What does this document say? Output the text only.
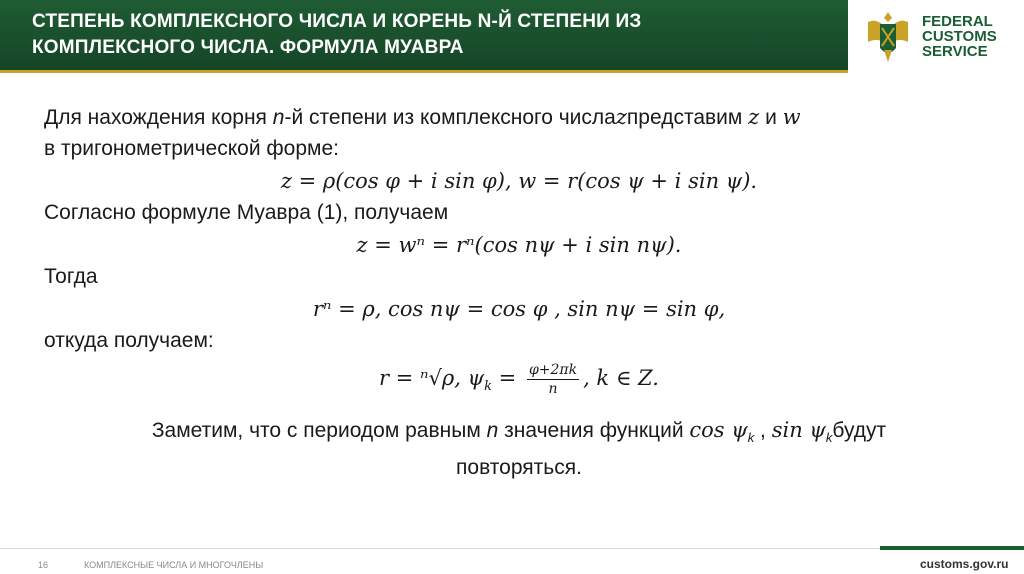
СТЕПЕНЬ КОМПЛЕКСНОГО ЧИСЛА И КОРЕНЬ N-Й СТЕПЕНИ ИЗ
КОМПЛЕКСНОГО ЧИСЛА. ФОРМУЛА МУАВРА
FEDERAL
CUSTOMS
SERVICE
Для нахождения корня n-й степени из комплексного числаzпредставим z и w
в тригонометрической форме:
z = ρ(cos φ + i sin φ), w = r(cos ψ + i sin ψ).
Согласно формуле Муавра (1), получаем
z = wⁿ = rⁿ(cos nψ + i sin nψ).
Тогда
rⁿ = ρ, cos nψ = cos φ , sin nψ = sin φ,
откуда получаем:
r = ⁿ√ρ, $\psi_k = \frac{\varphi+2\pi k}{n}$ , k ∈ Z.
Заметим, что с периодом равным n значения функций $\cos \psi_k$ , $\sin \psi_kбудут$
повторяться.
16	КОМПЛЕКСНЫЕ ЧИСЛА И МНОГОЧЛЕНЫ	customs.gov.ru
